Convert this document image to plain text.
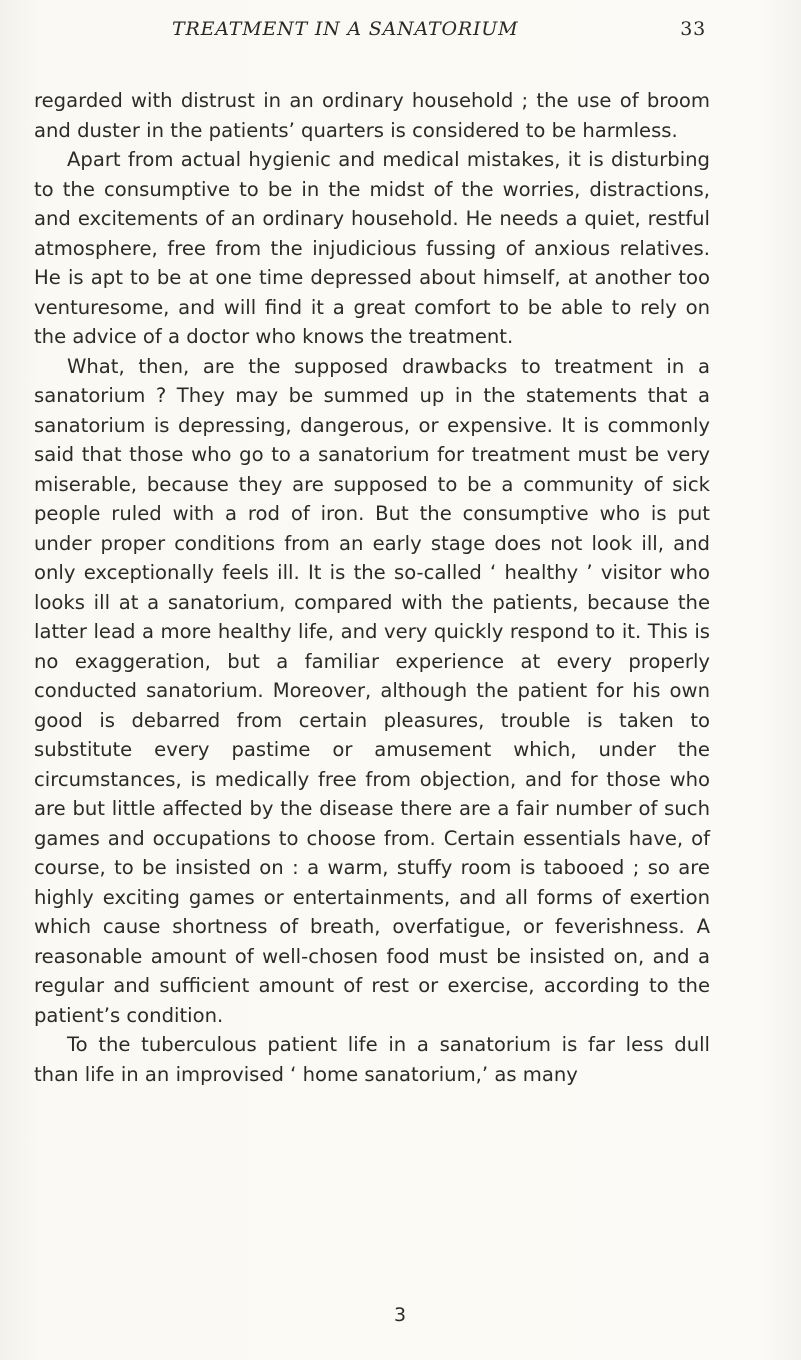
TREATMENT IN A SANATORIUM	33

regarded with distrust in an ordinary household ; the use of broom and duster in the patients’ quarters is considered to be harmless.

Apart from actual hygienic and medical mistakes, it is disturbing to the consumptive to be in the midst of the worries, distractions, and excitements of an ordinary household. He needs a quiet, restful atmosphere, free from the injudicious fussing of anxious relatives. He is apt to be at one time depressed about himself, at another too venturesome, and will find it a great comfort to be able to rely on the advice of a doctor who knows the treatment.

What, then, are the supposed drawbacks to treatment in a sanatorium ? They may be summed up in the statements that a sanatorium is depressing, dangerous, or expensive. It is commonly said that those who go to a sanatorium for treatment must be very miserable, because they are supposed to be a community of sick people ruled with a rod of iron. But the consumptive who is put under proper conditions from an early stage does not look ill, and only exceptionally feels ill. It is the so-called ‘ healthy ’ visitor who looks ill at a sanatorium, compared with the patients, because the latter lead a more healthy life, and very quickly respond to it. This is no exaggeration, but a familiar experience at every properly conducted sanatorium. Moreover, although the patient for his own good is debarred from certain pleasures, trouble is taken to substitute every pastime or amusement which, under the circumstances, is medically free from objection, and for those who are but little affected by the disease there are a fair number of such games and occupations to choose from. Certain essentials have, of course, to be insisted on : a warm, stuffy room is tabooed ; so are highly exciting games or entertainments, and all forms of exertion which cause shortness of breath, overfatigue, or feverishness. A reasonable amount of well-chosen food must be insisted on, and a regular and sufficient amount of rest or exercise, according to the patient’s condition.

To the tuberculous patient life in a sanatorium is far less dull than life in an improvised ‘ home sanatorium,’ as many

3
